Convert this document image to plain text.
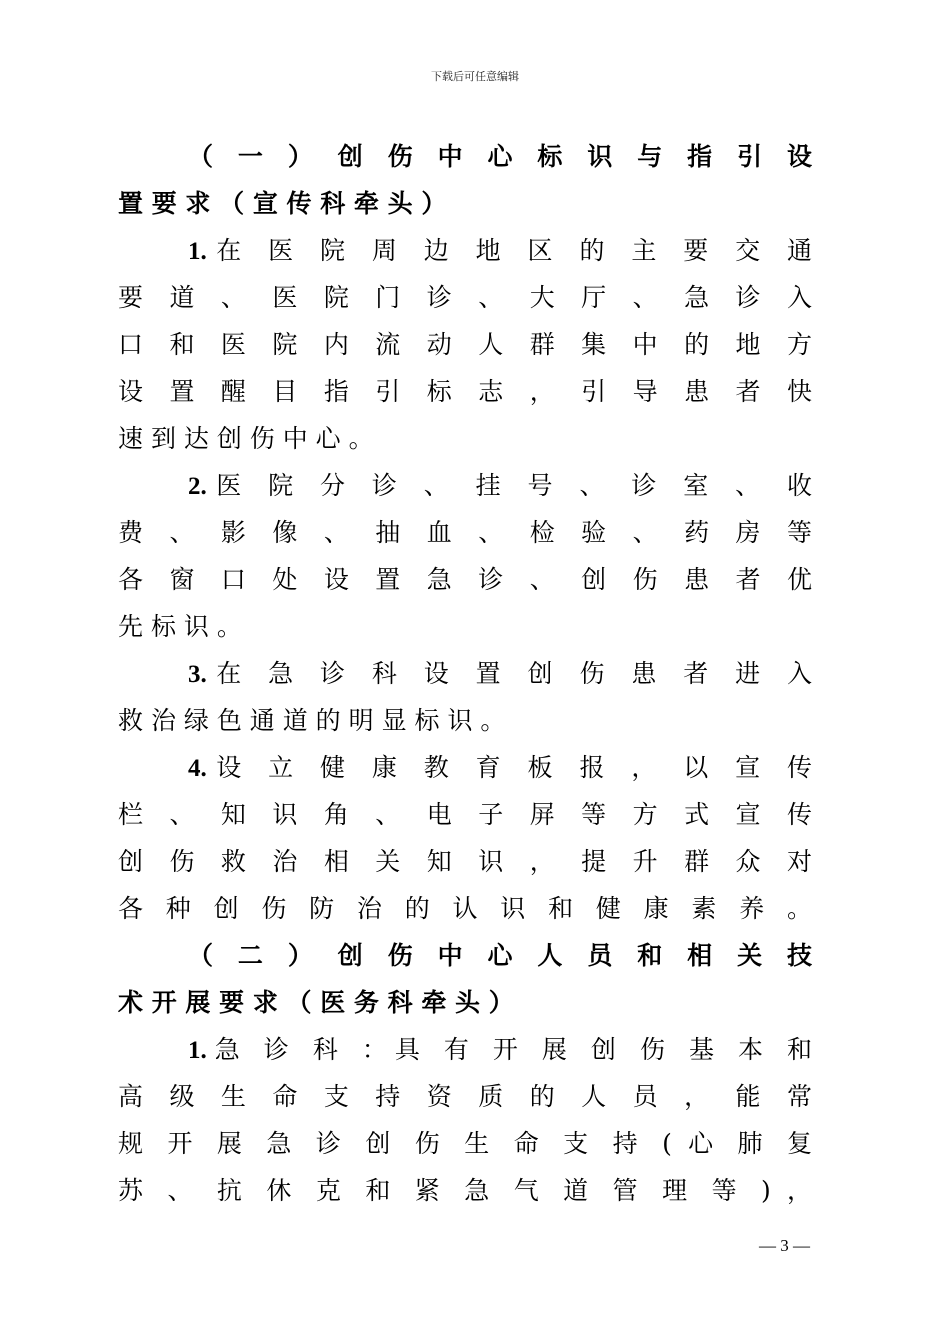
下载后可任意编辑
（ 一 ） 创 伤 中 心 标 识 与 指 引 设
置 要 求 （ 宣 传 科 牵 头 ）
1.在 医 院 周 边 地 区 的 主 要 交 通
要 道 、 医 院 门 诊 、 大 厅 、 急 诊 入
口 和 医 院 内 流 动 人 群 集 中 的 地 方
设 置 醒 目 指 引 标 志 ， 引 导 患 者 快
速 到 达 创 伤 中 心 。
2.医 院 分 诊 、 挂 号 、 诊 室 、 收
费 、 影 像 、 抽 血 、 检 验 、 药 房 等
各 窗 口 处 设 置 急 诊 、 创 伤 患 者 优
先 标 识 。
3.在 急 诊 科 设 置 创 伤 患 者 进 入
救 治 绿 色 通 道 的 明 显 标 识 。
4.设 立 健 康 教 育 板 报 ， 以 宣 传
栏 、 知 识 角 、 电 子 屏 等 方 式 宣 传
创 伤 救 治 相 关 知 识 ， 提 升 群 众 对
各 种 创 伤 防 治 的 认 识 和 健 康 素 养 。
（ 二 ） 创 伤 中 心 人 员 和 相 关 技
术 开 展 要 求 （ 医 务 科 牵 头 ）
1.急 诊 科 ：具 有 开 展 创 伤 基 本 和
高 级 生 命 支 持 资 质 的 人 员 ， 能 常
规 开 展 急 诊 创 伤 生 命 支 持 ( 心 肺 复
苏 、 抗 休 克 和 紧 急 气 道 管 理 等 ) ，
— 3 —
